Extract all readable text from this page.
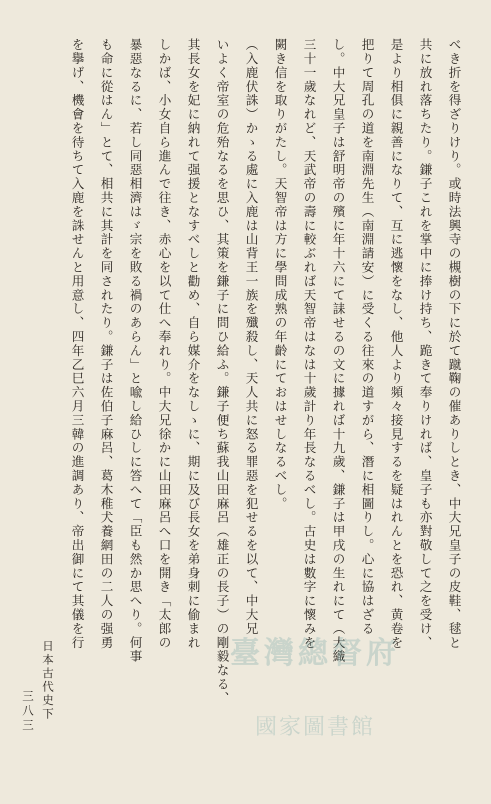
べき折を得ざりけり。或時法興寺の槻樹の下に於て蹴鞠の催ありしとき、中大兄皇子の皮鞋、毬と
共に放れ落ちたり。鎌子これを掌中に捧け持ち、跪きて奉りければ、皇子も亦對敬して之を受け、
是より相俱に親善になりて、互に逃懷をなし、他人より頻々接見するを疑はれんとを恐れ、黄卷を
把りて周孔の道を南淵先生（南淵請安）に受くる往來の道すがら、潛に相圖りし。心に協はざる
し。中大兄皇子は舒明帝の殯に年十六にて誄せるの文に據れば十九歲、鎌子は甲戌の生れにて（大織
三十一歲なれど、天武帝の壽に較ぶれば天智帝はなは十歲計り年長なるべし。古史は數字に懷みを
闕き信を取りがたし。天智帝は方に學問成熟の年齡にておはせしなるべし。
（入鹿伏誅）かゝる處に入鹿は山背王一族を殲殺し、天人共に怒る罪惡を犯せるを以て、中大兄
いよく帝室の危殆なるを思ひ、其策を鎌子に問ひ給ふ。鎌子便ち蘇我山田麻呂（雄正の長子）の剛毅なる、
其長女を妃に納れて强援となすべしと勸め、自ら媒介をなしゝに、期に及び長女を弟身刺に偷まれ
しかば、小女自ら進んで往き、赤心を以て仕へ奉れり。中大兄徐かに山田麻呂へ口を開き「太郎の
暴惡なるに、若し同惡相濟はゞ宗を敗る禍のあらん」と喩し給ひしに答へて「臣も然か思へり。何事
も命に從はん」とて、相共に其計を同されたり。鎌子は佐伯子麻呂、葛木稚犬養網田の二人の强勇
を擧げ、機會を待ちて入鹿を誅せんと用意し、四年乙巳六月三韓の進調あり、帝出御にて其儀を行
日本古代史下
三八三
臺灣總督府
國家圖書館
